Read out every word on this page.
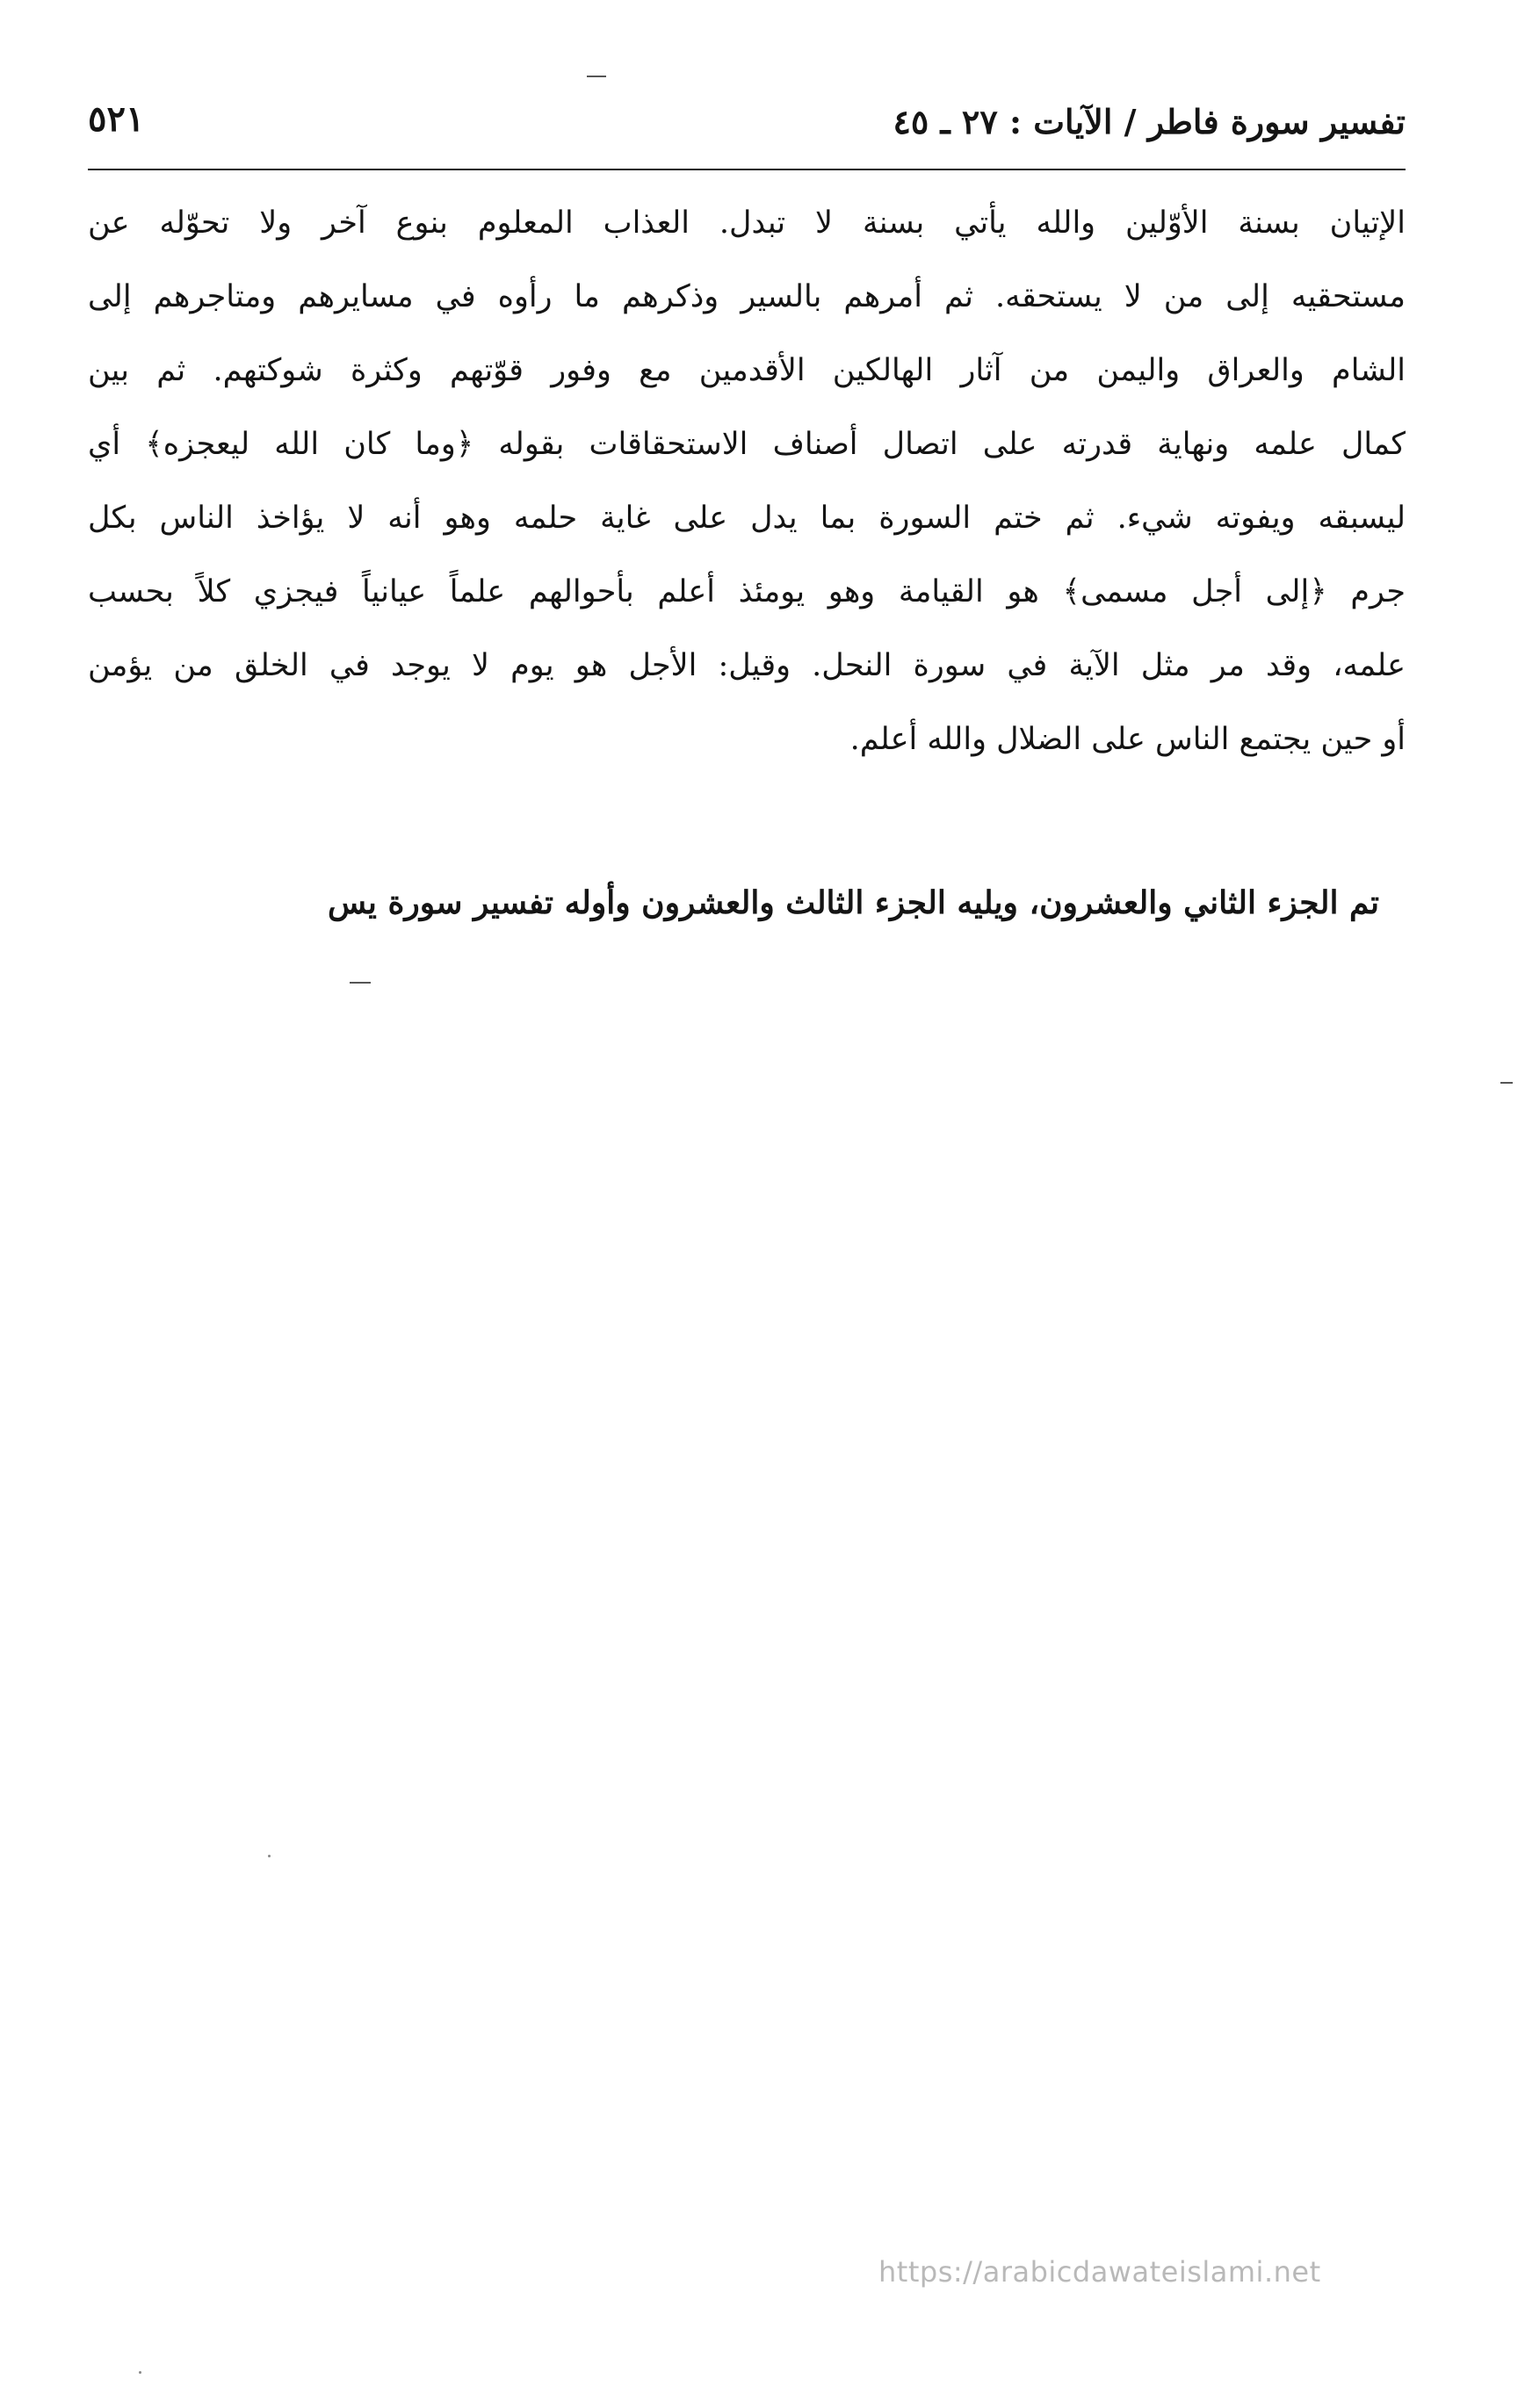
تفسير سورة فاطر / الآيات : ٢٧ ـ ٤٥
٥٢١
الإتيان بسنة الأوّلين والله يأتي بسنة لا تبدل. العذاب المعلوم بنوع آخر ولا تحوّله عن
مستحقيه إلى من لا يستحقه. ثم أمرهم بالسير وذكرهم ما رأوه في مسايرهم ومتاجرهم إلى
الشام والعراق واليمن من آثار الهالكين الأقدمين مع وفور قوّتهم وكثرة شوكتهم. ثم بين
كمال علمه ونهاية قدرته على اتصال أصناف الاستحقاقات بقوله ﴿وما كان الله ليعجزه﴾ أي
ليسبقه ويفوته شيء. ثم ختم السورة بما يدل على غاية حلمه وهو أنه لا يؤاخذ الناس بكل
جرم ﴿إلى أجل مسمى﴾ هو القيامة وهو يومئذ أعلم بأحوالهم علماً عيانياً فيجزي كلاً بحسب
علمه، وقد مر مثل الآية في سورة النحل. وقيل: الأجل هو يوم لا يوجد في الخلق من يؤمن
أو حين يجتمع الناس على الضلال والله أعلم.
تم الجزء الثاني والعشرون، ويليه الجزء الثالث والعشرون وأوله تفسير سورة يس
https://arabicdawateislami.net
